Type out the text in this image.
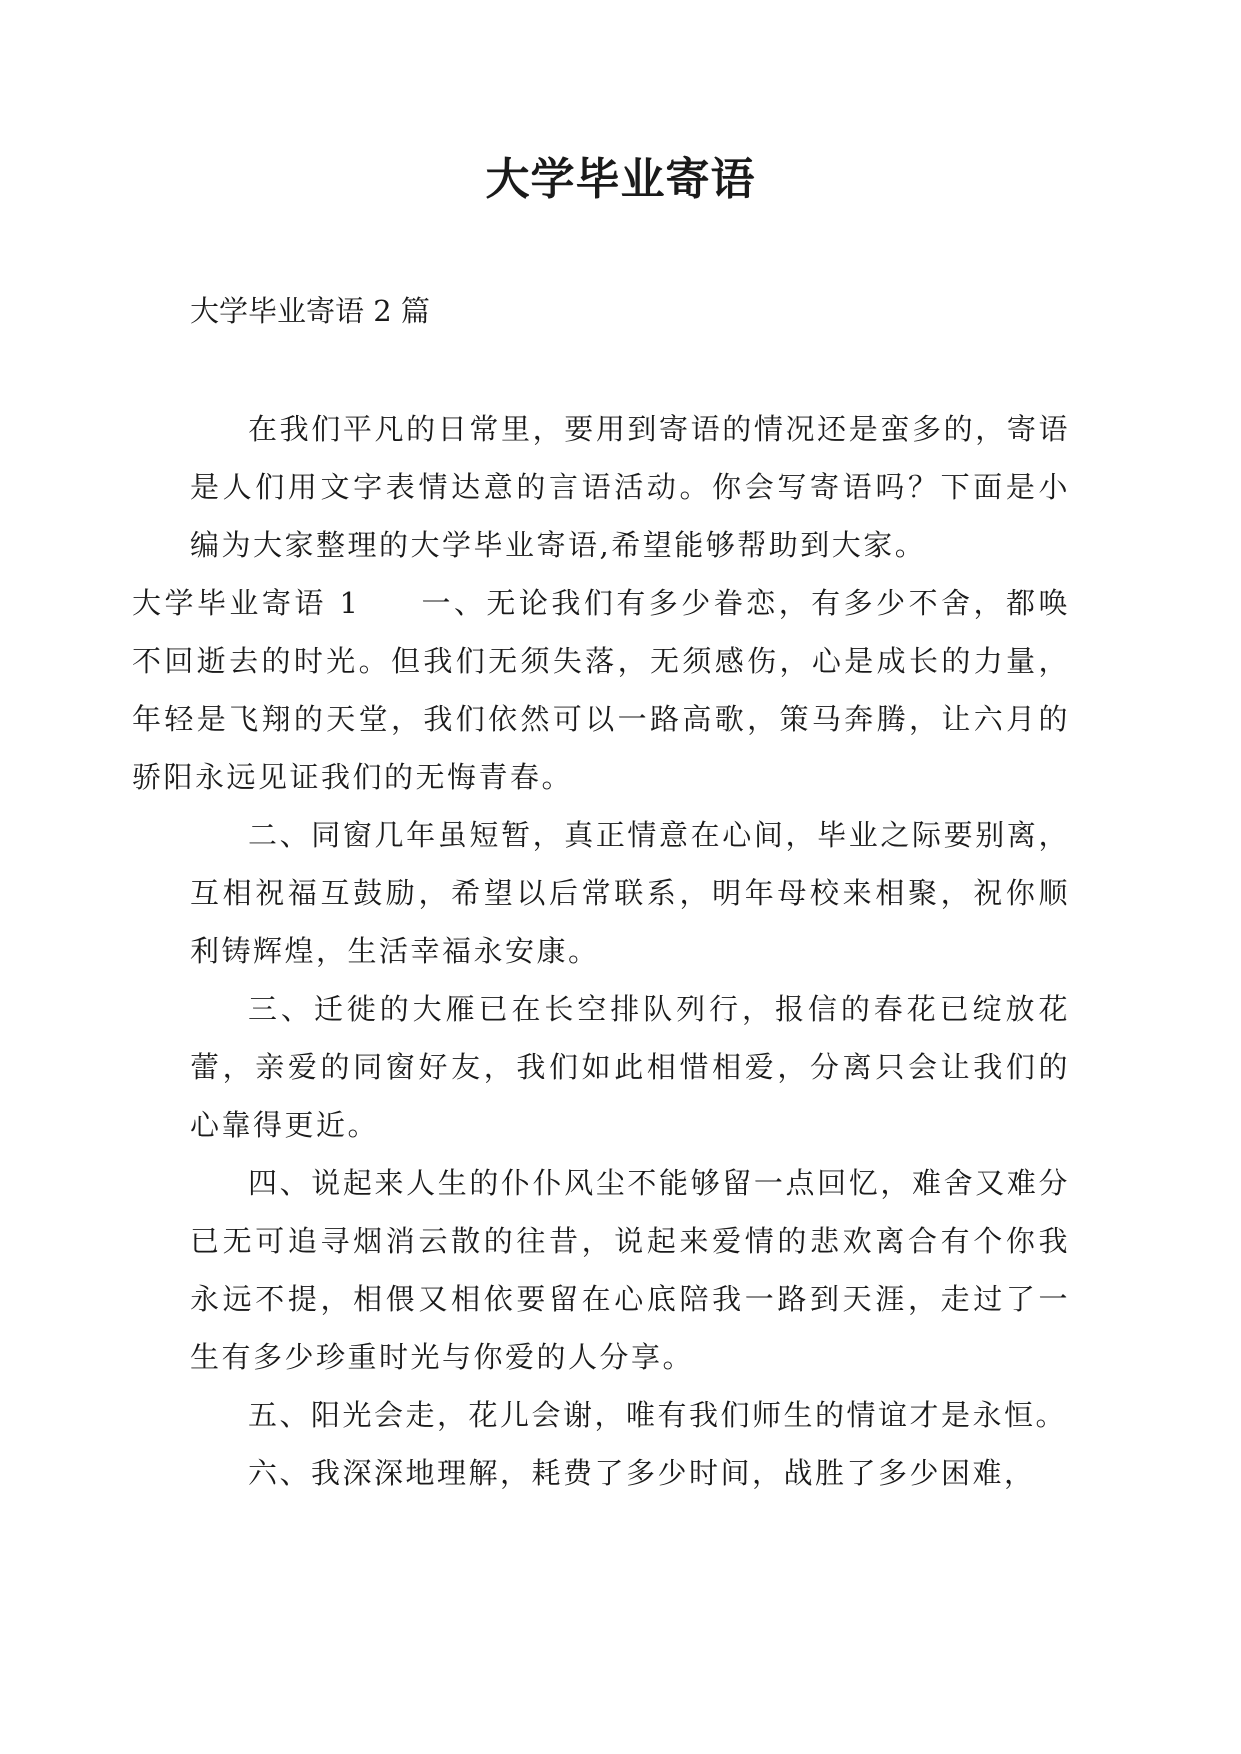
大学毕业寄语

大学毕业寄语 2 篇

在我们平凡的日常里，要用到寄语的情况还是蛮多的，寄语是人们用文字表情达意的言语活动。你会写寄语吗？下面是小编为大家整理的大学毕业寄语,希望能够帮助到大家。
大学毕业寄语 1 一、无论我们有多少眷恋，有多少不舍，都唤不回逝去的时光。但我们无须失落，无须感伤，心是成长的力量，年轻是飞翔的天堂，我们依然可以一路高歌，策马奔腾，让六月的骄阳永远见证我们的无悔青春。

二、同窗几年虽短暂，真正情意在心间，毕业之际要别离，互相祝福互鼓励，希望以后常联系，明年母校来相聚，祝你顺利铸辉煌，生活幸福永安康。

三、迁徙的大雁已在长空排队列行，报信的春花已绽放花蕾，亲爱的同窗好友，我们如此相惜相爱，分离只会让我们的心靠得更近。

四、说起来人生的仆仆风尘不能够留一点回忆，难舍又难分已无可追寻烟消云散的往昔，说起来爱情的悲欢离合有个你我永远不提，相偎又相依要留在心底陪我一路到天涯，走过了一生有多少珍重时光与你爱的人分享。

五、阳光会走，花儿会谢，唯有我们师生的情谊才是永恒。

六、我深深地理解，耗费了多少时间，战胜了多少困难，
